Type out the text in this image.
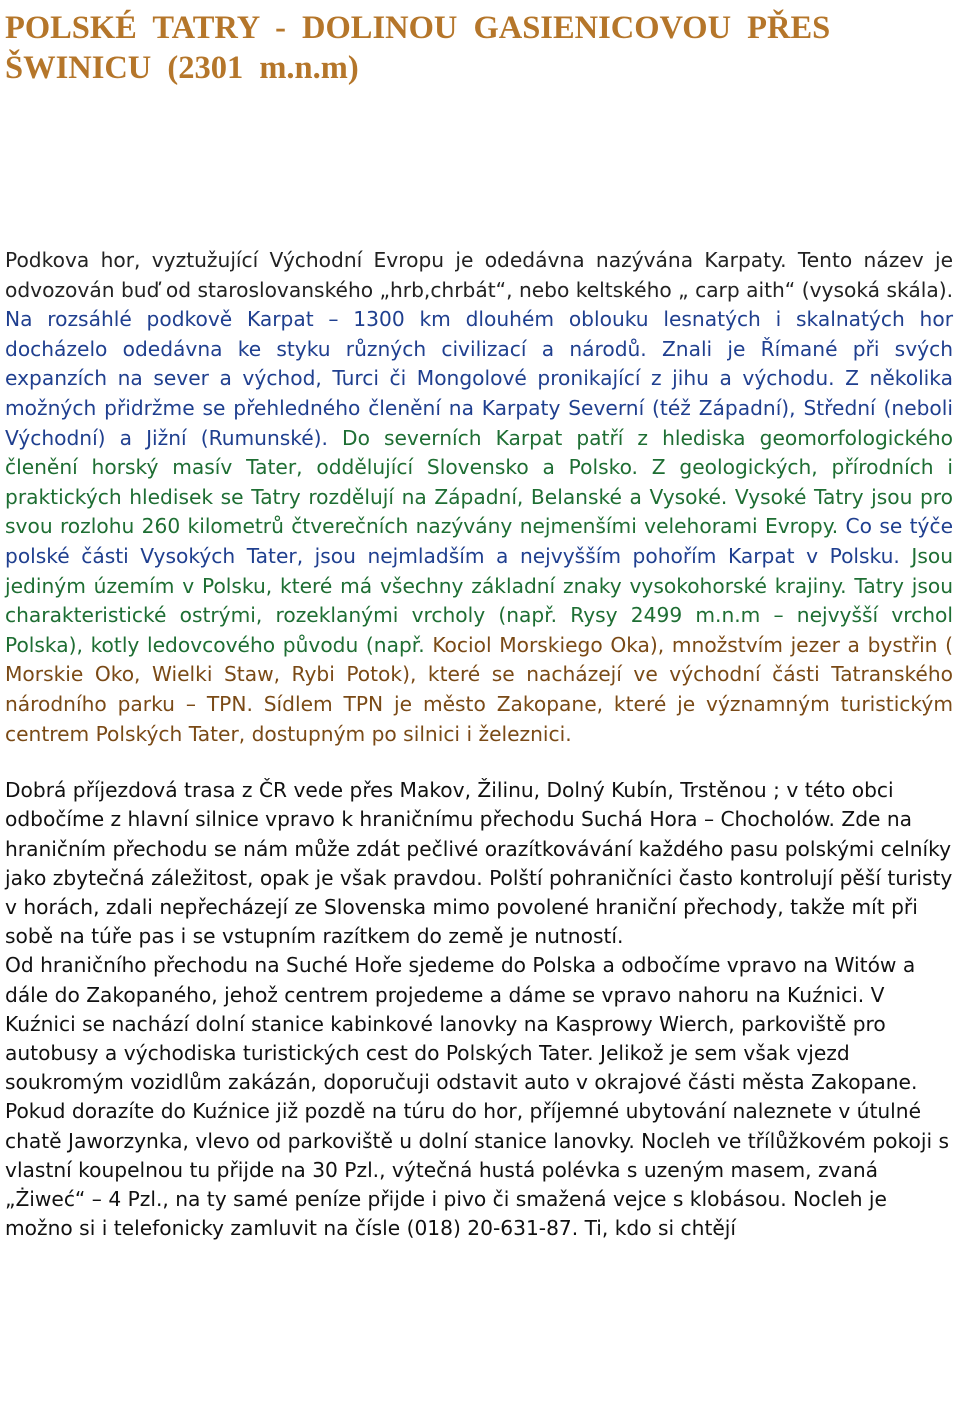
POLSKÉ TATRY - DOLINOU GASIENICOVOU PŘES ŠWINICU (2301 m.n.m)

Podkova hor, vyztužující Východní Evropu je odedávna nazývána Karpaty. Tento název je odvozován buď od staroslovanského „hrb,chrbát“, nebo keltského „ carp aith“ (vysoká skála). Na rozsáhlé podkově Karpat – 1300 km dlouhém oblouku lesnatých i skalnatých hor docházelo odedávna ke styku různých civilizací a národů. Znali je Římané při svých expanzích na sever a východ, Turci či Mongolové pronikající z jihu a východu. Z několika možných přidržme se přehledného členění na Karpaty Severní (též Západní), Střední (neboli Východní) a Jižní (Rumunské). Do severních Karpat patří z hlediska geomorfologického členění horský masív Tater, oddělující Slovensko a Polsko. Z geologických, přírodních i praktických hledisek se Tatry rozdělují na Západní, Belanské a Vysoké. Vysoké Tatry jsou pro svou rozlohu 260 kilometrů čtverečních nazývány nejmenšími velehorami Evropy. Co se týče polské části Vysokých Tater, jsou nejmladším a nejvyšším pohořím Karpat v Polsku. Jsou jediným územím v Polsku, které má všechny základní znaky vysokohorské krajiny. Tatry jsou charakteristické ostrými, rozeklanými vrcholy (např. Rysy 2499 m.n.m – nejvyšší vrchol Polska), kotly ledovcového původu (např. Kociol Morskiego Oka), množstvím jezer a bystřin ( Morskie Oko, Wielki Staw, Rybi Potok), které se nacházejí ve východní části Tatranského národního parku – TPN. Sídlem TPN je město Zakopane, které je významným turistickým centrem Polských Tater, dostupným po silnici i železnici.

Dobrá příjezdová trasa z ČR vede přes Makov, Žilinu, Dolný Kubín, Trstěnou ; v této obci odbočíme z hlavní silnice vpravo k hraničnímu přechodu Suchá Hora – Chocholów. Zde na hraničním přechodu se nám může zdát pečlivé orazítkovávání každého pasu polskými celníky jako zbytečná záležitost, opak je však pravdou. Polští pohraničníci často kontrolují pěší turisty v horách, zdali nepřecházejí ze Slovenska mimo povolené hraniční přechody, takže mít při sobě na túře pas i se vstupním razítkem do země je nutností.
Od hraničního přechodu na Suché Hoře sjedeme do Polska a odbočíme vpravo na Witów a dále do Zakopaného, jehož centrem projedeme a dáme se vpravo nahoru na Kuźnici. V Kuźnici se nachází dolní stanice kabinkové lanovky na Kasprowy Wierch, parkoviště pro autobusy a východiska turistických cest do Polských Tater. Jelikož je sem však vjezd soukromým vozidlům zakázán, doporučuji odstavit auto v okrajové části města Zakopane. Pokud dorazíte do Kuźnice již pozdě na túru do hor, příjemné ubytování naleznete v útulné chatě Jaworzynka, vlevo od parkoviště u dolní stanice lanovky. Nocleh ve třílůžkovém pokoji s vlastní koupelnou tu přijde na 30 Pzl., výtečná hustá polévka s uzeným masem, zvaná „Żiweć“ – 4 Pzl., na ty samé peníze přijde i pivo či smažená vejce s klobásou. Nocleh je možno si i telefonicky zamluvit na čísle (018) 20-631-87. Ti, kdo si chtějí
